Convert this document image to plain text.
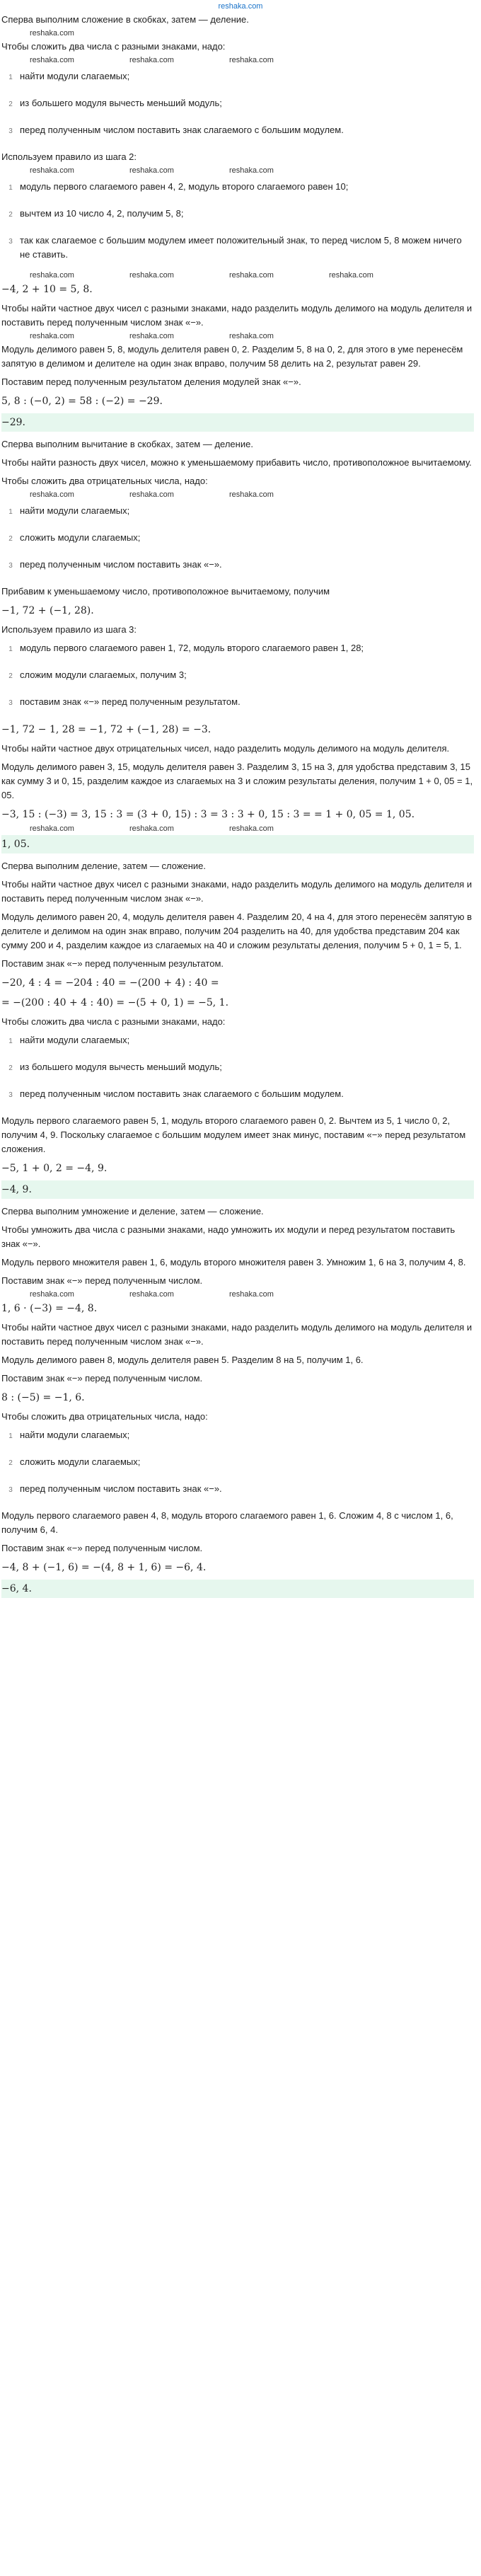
reshaka.com
Сперва выполним сложение в скобках, затем — деление.
reshaka.com
Чтобы сложить два числа с разными знаками, надо:
reshaka.com	reshaka.com	reshaka.com
1 найти модули слагаемых;
2 из большего модуля вычесть меньший модуль;
3 перед полученным числом поставить знак слагаемого с большим модулем.
Используем правило из шага 2:
reshaka.com	reshaka.com	reshaka.com
1 модуль первого слагаемого равен 4, 2, модуль второго слагаемого равен 10;
2 вычтем из 10 число 4, 2, получим 5, 8;
3 так как слагаемое с большим модулем имеет положительный знак, то перед числом 5, 8 можем ничего не ставить.
reshaka.com	reshaka.com	reshaka.com	reshaka.com
−4, 2 + 10 = 5, 8.
Чтобы найти частное двух чисел с разными знаками, надо разделить модуль делимого на модуль делителя и поставить перед полученным числом знак «−».
reshaka.com	reshaka.com	reshaka.com
Модуль делимого равен 5, 8, модуль делителя равен 0, 2. Разделим 5, 8 на 0, 2, для этого в уме перенесём запятую в делимом и делителе на один знак вправо, получим 58 делить на 2, результат равен 29.
Поставим перед полученным результатом деления модулей знак «−».
5, 8 : (−0, 2) = 58 : (−2) = −29.
−29.
Сперва выполним вычитание в скобках, затем — деление.
Чтобы найти разность двух чисел, можно к уменьшаемому прибавить число, противоположное вычитаемому.
Чтобы сложить два отрицательных числа, надо:
reshaka.com	reshaka.com	reshaka.com
1 найти модули слагаемых;
2 сложить модули слагаемых;
3 перед полученным числом поставить знак «−».
Прибавим к уменьшаемому число, противоположное вычитаемому, получим
−1, 72 + (−1, 28).
Используем правило из шага 3:
1 модуль первого слагаемого равен 1, 72, модуль второго слагаемого равен 1, 28;
2 сложим модули слагаемых, получим 3;
3 поставим знак «−» перед полученным результатом.
−1, 72 − 1, 28 = −1, 72 + (−1, 28) = −3.
Чтобы найти частное двух отрицательных чисел, надо разделить модуль делимого на модуль делителя.
Модуль делимого равен 3, 15, модуль делителя равен 3. Разделим 3, 15 на 3, для удобства представим 3, 15 как сумму 3 и 0, 15, разделим каждое из слагаемых на 3 и сложим результаты деления, получим 1 + 0, 05 = 1, 05.
−3, 15 : (−3) = 3, 15 : 3 = (3 + 0, 15) : 3 = 3 : 3 + 0, 15 : 3 = = 1 + 0, 05 = 1, 05.
reshaka.com	reshaka.com	reshaka.com
1, 05.
Сперва выполним деление, затем — сложение.
Чтобы найти частное двух чисел с разными знаками, надо разделить модуль делимого на модуль делителя и поставить перед полученным числом знак «−».
Модуль делимого равен 20, 4, модуль делителя равен 4. Разделим 20, 4 на 4, для этого перенесём запятую в делителе и делимом на один знак вправо, получим 204 разделить на 40, для удобства представим 204 как сумму 200 и 4, разделим каждое из слагаемых на 40 и сложим результаты деления, получим 5 + 0, 1 = 5, 1.
Поставим знак «−» перед полученным результатом.
−20, 4 : 4 = −204 : 40 = −(200 + 4) : 40 =
= −(200 : 40 + 4 : 40) = −(5 + 0, 1) = −5, 1.
Чтобы сложить два числа с разными знаками, надо:
1 найти модули слагаемых;
2 из большего модуля вычесть меньший модуль;
3 перед полученным числом поставить знак слагаемого с большим модулем.
Модуль первого слагаемого равен 5, 1, модуль второго слагаемого равен 0, 2. Вычтем из 5, 1 число 0, 2, получим 4, 9. Поскольку слагаемое с большим модулем имеет знак минус, поставим «−» перед результатом сложения.
−5, 1 + 0, 2 = −4, 9.
−4, 9.
Сперва выполним умножение и деление, затем — сложение.
Чтобы умножить два числа с разными знаками, надо умножить их модули и перед результатом поставить знак «−».
Модуль первого множителя равен 1, 6, модуль второго множителя равен 3. Умножим 1, 6 на 3, получим 4, 8.
Поставим знак «−» перед полученным числом.
reshaka.com	reshaka.com	reshaka.com
1, 6 · (−3) = −4, 8.
Чтобы найти частное двух чисел с разными знаками, надо разделить модуль делимого на модуль делителя и поставить перед полученным числом знак «−».
Модуль делимого равен 8, модуль делителя равен 5. Разделим 8 на 5, получим 1, 6.
Поставим знак «−» перед полученным числом.
8 : (−5) = −1, 6.
Чтобы сложить два отрицательных числа, надо:
1 найти модули слагаемых;
2 сложить модули слагаемых;
3 перед полученным числом поставить знак «−».
Модуль первого слагаемого равен 4, 8, модуль второго слагаемого равен 1, 6. Сложим 4, 8 с числом 1, 6, получим 6, 4.
Поставим знак «−» перед полученным числом.
−4, 8 + (−1, 6) = −(4, 8 + 1, 6) = −6, 4.
−6, 4.
